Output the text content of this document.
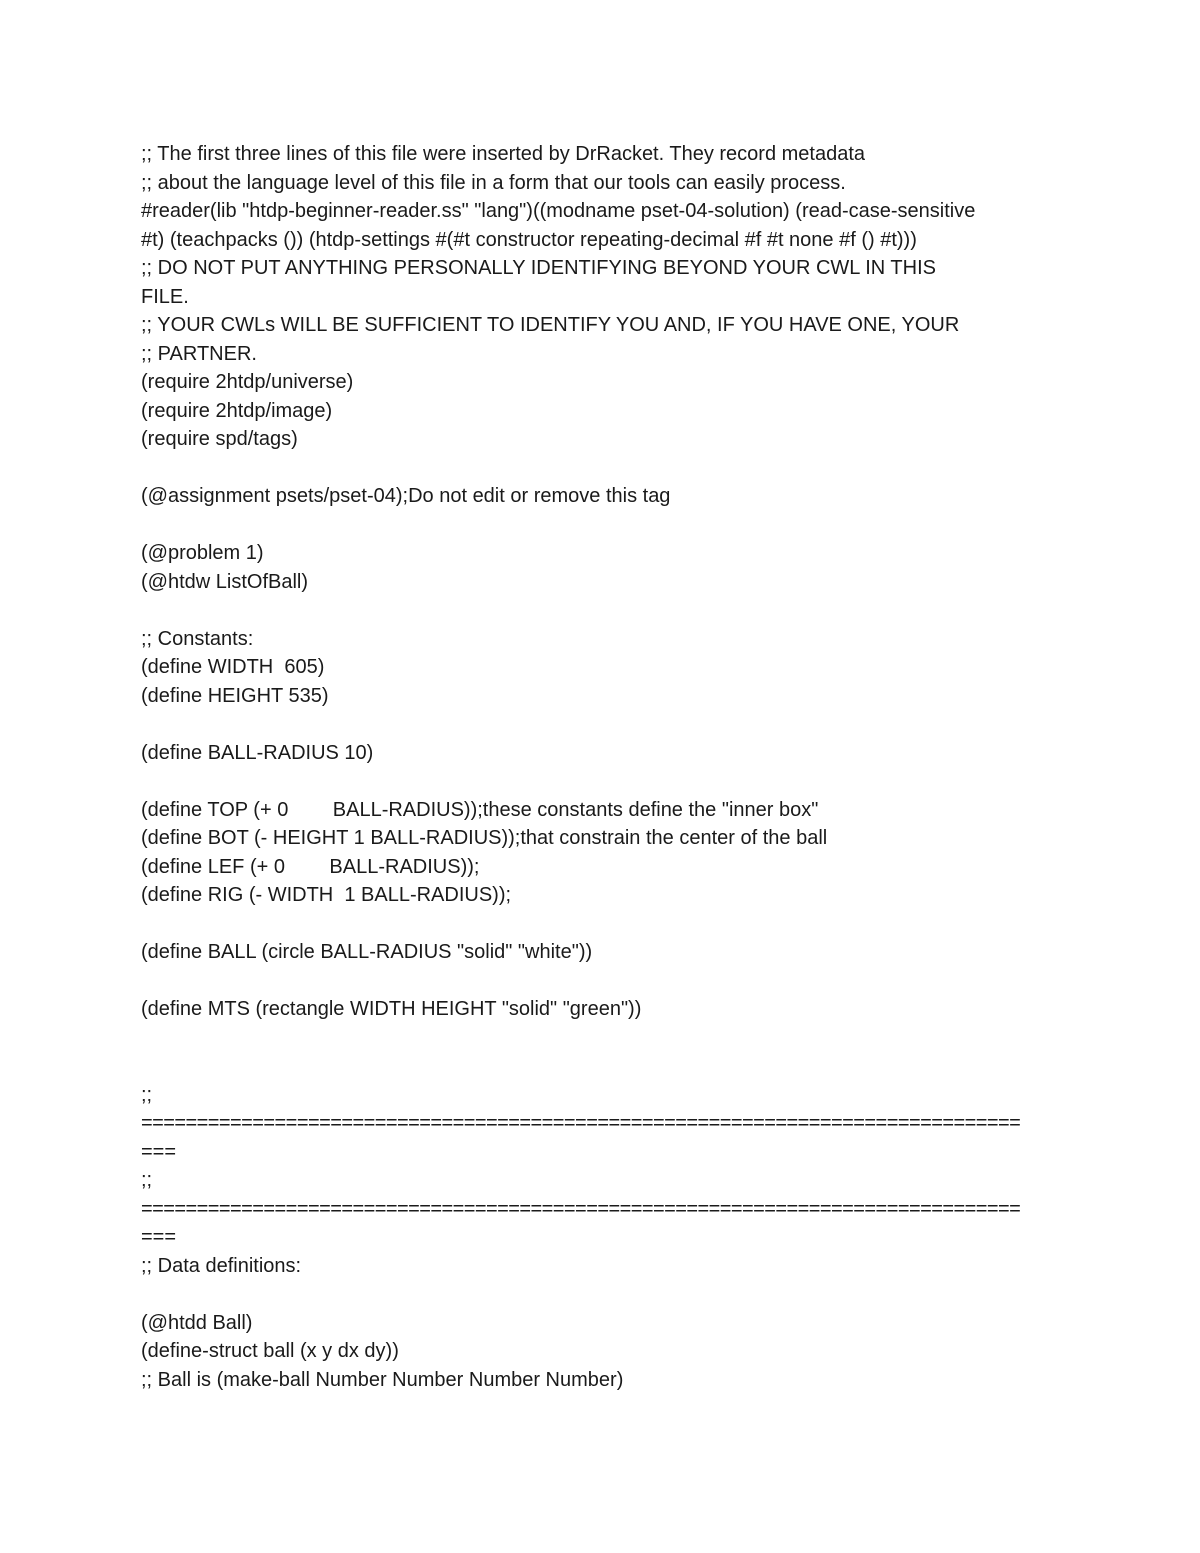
;; The first three lines of this file were inserted by DrRacket. They record metadata
;; about the language level of this file in a form that our tools can easily process.
#reader(lib "htdp-beginner-reader.ss" "lang")((modname pset-04-solution) (read-case-sensitive
#t) (teachpacks ()) (htdp-settings #(#t constructor repeating-decimal #f #t none #f () #t)))
;; DO NOT PUT ANYTHING PERSONALLY IDENTIFYING BEYOND YOUR CWL IN THIS
FILE.
;; YOUR CWLs WILL BE SUFFICIENT TO IDENTIFY YOU AND, IF YOU HAVE ONE, YOUR
;; PARTNER.
(require 2htdp/universe)
(require 2htdp/image)
(require spd/tags)
(@assignment psets/pset-04);Do not edit or remove this tag
(@problem 1)
(@htdw ListOfBall)
;; Constants:
(define WIDTH  605)
(define HEIGHT 535)
(define BALL-RADIUS 10)
(define TOP (+ 0        BALL-RADIUS));these constants define the "inner box"
(define BOT (- HEIGHT 1 BALL-RADIUS));that constrain the center of the ball
(define LEF (+ 0        BALL-RADIUS));
(define RIG (- WIDTH  1 BALL-RADIUS));
(define BALL (circle BALL-RADIUS "solid" "white"))
(define MTS (rectangle WIDTH HEIGHT "solid" "green"))
;;
===============================================================================
===
;;
===============================================================================
===
;; Data definitions:
(@htdd Ball)
(define-struct ball (x y dx dy))
;; Ball is (make-ball Number Number Number Number)
